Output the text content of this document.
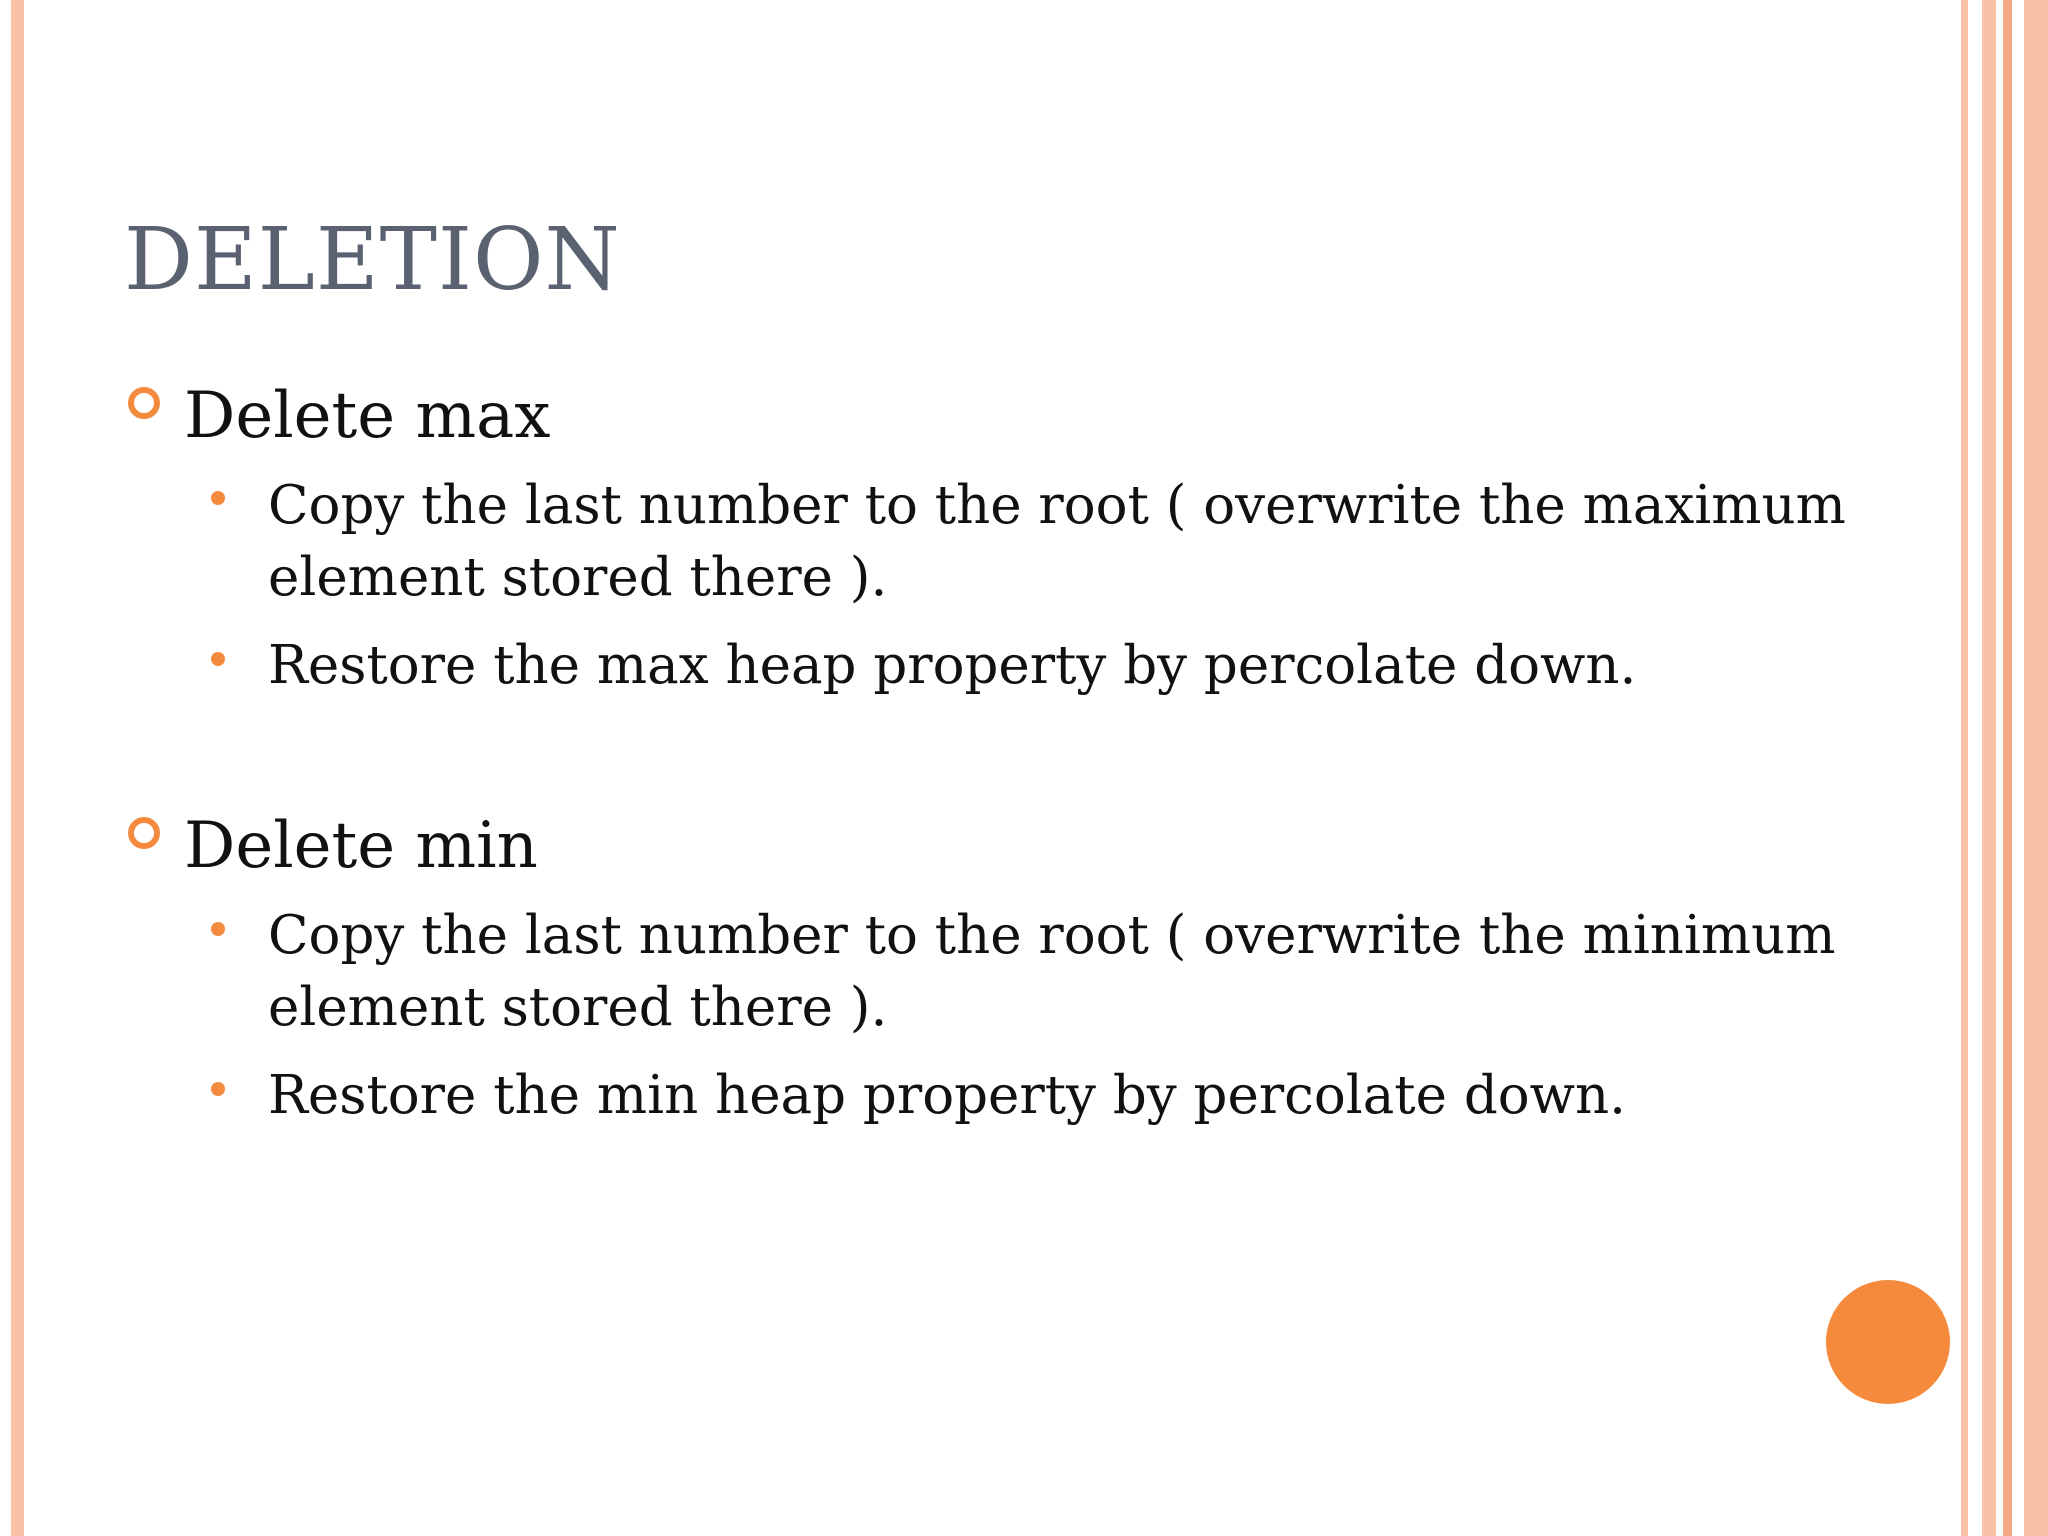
DELETION
Delete max
Copy the last number to the root ( overwrite the maximum element stored there ).
Restore the max heap property by percolate down.
Delete min
Copy the last number to the root ( overwrite the minimum element stored there ).
Restore the min heap property by percolate down.
